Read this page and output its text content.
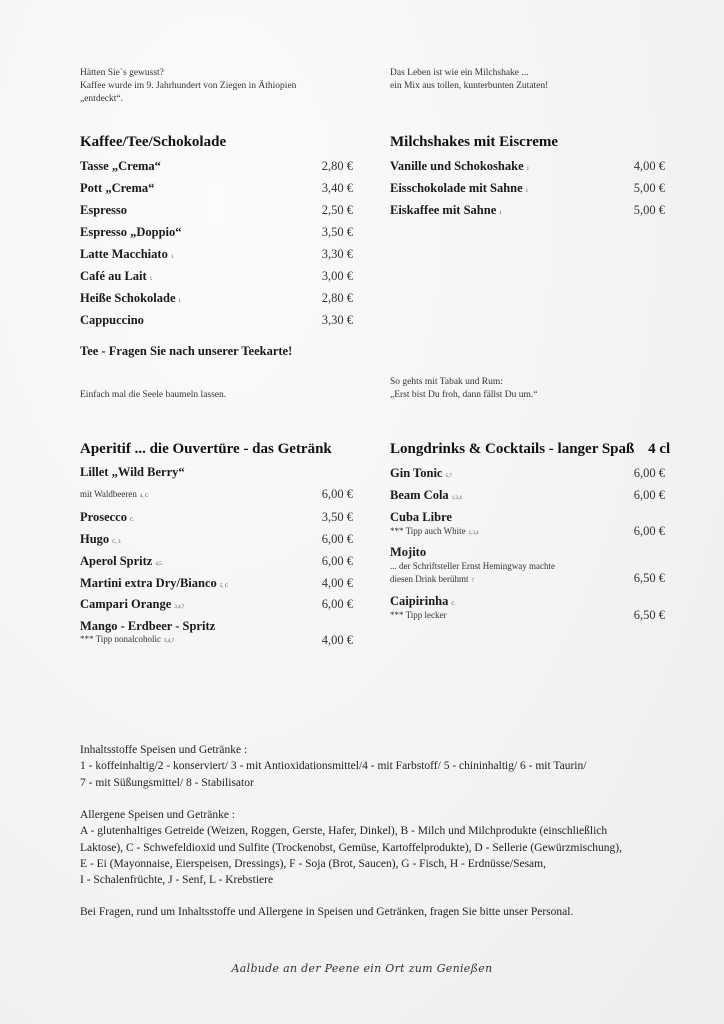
Hätten Sie`s gewusst?
Kaffee wurde im 9. Jahrhundert von Ziegen in Äthiopien
„entdeckt“.
Das Leben ist wie ein Milchshake ...
ein Mix aus tollen, kunterbunten Zutaten!
Kaffee/Tee/Schokolade	Milchshakes mit Eiscreme
Tee - Fragen Sie nach unserer Teekarte!
Einfach mal die Seele baumeln lassen.
So gehts mit Tabak und Rum:
„Erst bist Du froh, dann fällst Du um.“
Aperitif ... die Ouvertüre - das Getränk	Longdrinks & Cocktails - langer Spaß 4 cl
Tasse „Crema“	2,80 €
Pott „Crema“	3,40 €
Espresso	2,50 €
Espresso „Doppio“	3,50 €
Latte Macchiato 1	3,30 €
Café au Lait 1	3,00 €
Heiße Schokolade 1	2,80 €
Cappuccino	3,30 €
Vanille und Schokoshake 1	4,00 €
Eisschokolade mit Sahne 1	5,00 €
Eiskaffee mit Sahne 1	5,00 €
Lillet „Wild Berry“
mit Waldbeeren 4, C	6,00 €
Prosecco C	3,50 €
Hugo C, 3	6,00 €
Aperol Spritz 4,5	6,00 €
Martini extra Dry/Bianco 5, C	4,00 €
Campari Orange 3,4,7	6,00 €
Mango - Erdbeer - Spritz
*** Tipp nonalcoholic 3,4,7	4,00 €
Gin Tonic 5,7	6,00 €
Beam Cola 1,3,4	6,00 €
Cuba Libre
*** Tipp auch White 1,3,4	6,00 €
Mojito
... der Schriftsteller Ernst Hemingway machte
diesen Drink berühmt 7	6,50 €
Caipirinha C
*** Tipp lecker	6,50 €
Inhaltsstoffe Speisen und Getränke :
1 - koffeinhaltig/2 - konserviert/ 3 - mit Antioxidationsmittel/4 - mit Farbstoff/ 5 - chininhaltig/ 6 - mit Taurin/
7 - mit Süßungsmittel/ 8 - Stabilisator
Allergene Speisen und Getränke :
A - glutenhaltiges Getreide (Weizen, Roggen, Gerste, Hafer, Dinkel), B - Milch und Milchprodukte (einschließlich
Laktose), C - Schwefeldioxid und Sulfite (Trockenobst, Gemüse, Kartoffelprodukte), D - Sellerie (Gewürzmischung),
E - Ei (Mayonnaise, Eierspeisen, Dressings), F - Soja (Brot, Saucen), G - Fisch, H - Erdnüsse/Sesam,
I - Schalenfrüchte, J - Senf, L - Krebstiere
Bei Fragen, rund um Inhaltsstoffe und Allergene in Speisen und Getränken, fragen Sie bitte unser Personal.
Aalbude an der Peene ein Ort zum Genießen
